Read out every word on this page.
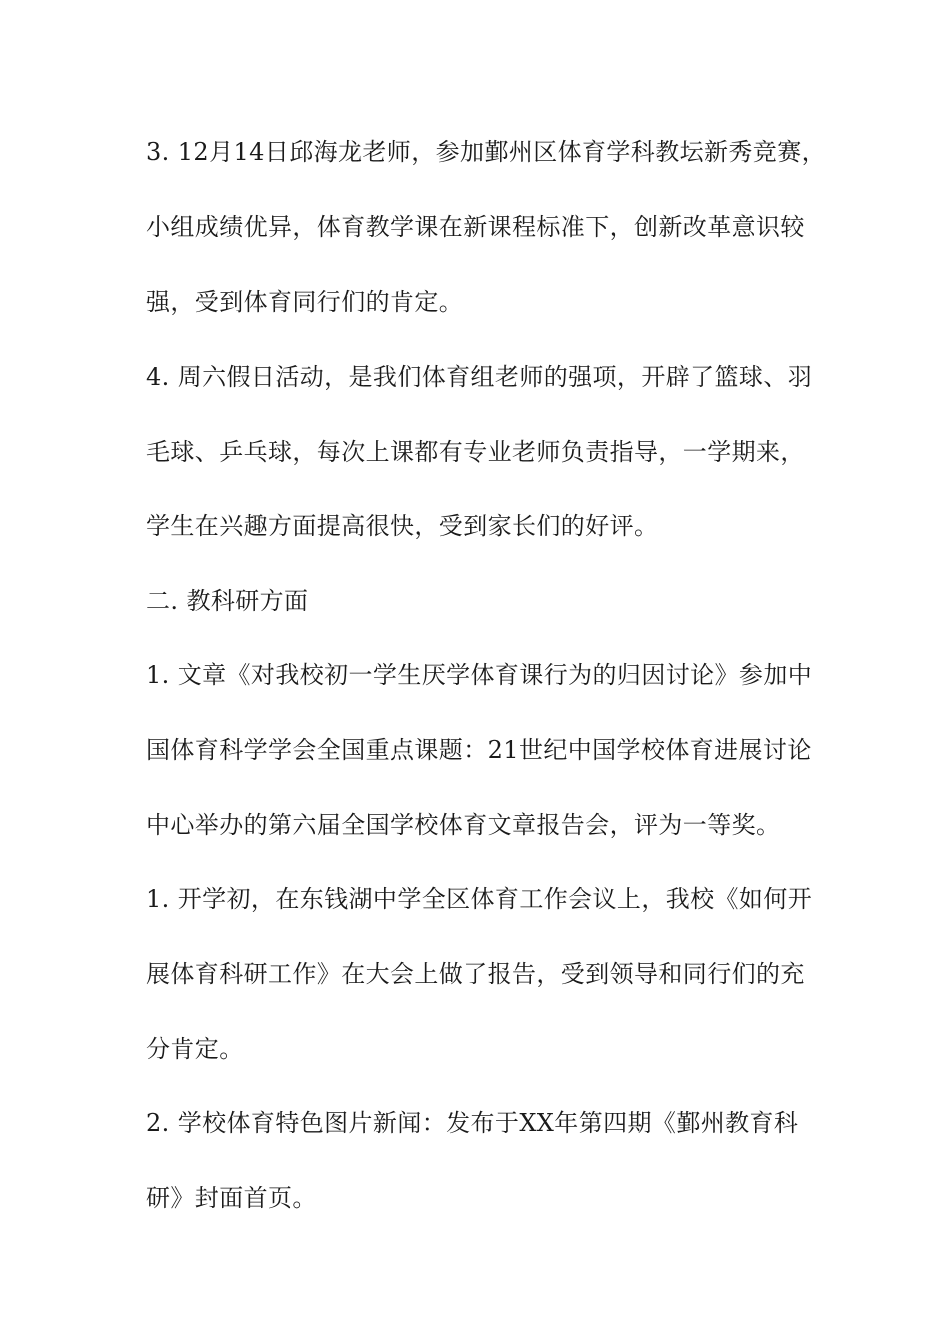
3. 12月14日邱海龙老师，参加鄞州区体育学科教坛新秀竞赛，
小组成绩优异，体育教学课在新课程标准下，创新改革意识较
强，受到体育同行们的肯定。
4. 周六假日活动，是我们体育组老师的强项，开辟了篮球、羽
毛球、乒乓球，每次上课都有专业老师负责指导，一学期来，
学生在兴趣方面提高很快，受到家长们的好评。
二. 教科研方面
1. 文章《对我校初一学生厌学体育课行为的归因讨论》参加中
国体育科学学会全国重点课题：21世纪中国学校体育进展讨论
中心举办的第六届全国学校体育文章报告会，评为一等奖。
1. 开学初，在东钱湖中学全区体育工作会议上，我校《如何开
展体育科研工作》在大会上做了报告，受到领导和同行们的充
分肯定。
2. 学校体育特色图片新闻：发布于XX年第四期《鄞州教育科
研》封面首页。
